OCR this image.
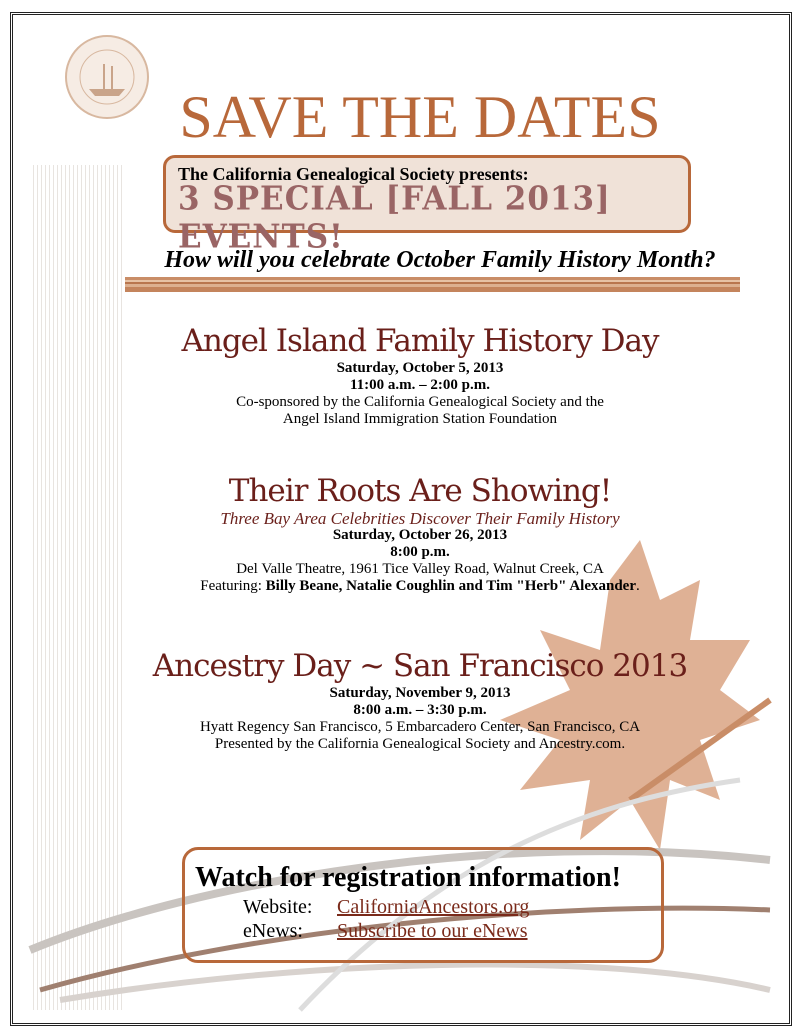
SAVE THE DATES
The California Genealogical Society presents:
3 SPECIAL [FALL 2013] EVENTS!
How will you celebrate October Family History Month?
Angel Island Family History Day
Saturday, October 5, 2013
11:00 a.m. – 2:00 p.m.
Co-sponsored by the California Genealogical Society and the
Angel Island Immigration Station Foundation
Their Roots Are Showing!
Three Bay Area Celebrities Discover Their Family History
Saturday, October 26, 2013
8:00 p.m.
Del Valle Theatre, 1961 Tice Valley Road, Walnut Creek, CA
Featuring: Billy Beane, Natalie Coughlin and Tim "Herb" Alexander.
Ancestry Day ~ San Francisco 2013
Saturday, November 9, 2013
8:00 a.m. – 3:30 p.m.
Hyatt Regency San Francisco, 5 Embarcadero Center, San Francisco, CA
Presented by the California Genealogical Society and Ancestry.com.
Watch for registration information!
Website: CaliforniaAncestors.org
eNews: Subscribe to our eNews
